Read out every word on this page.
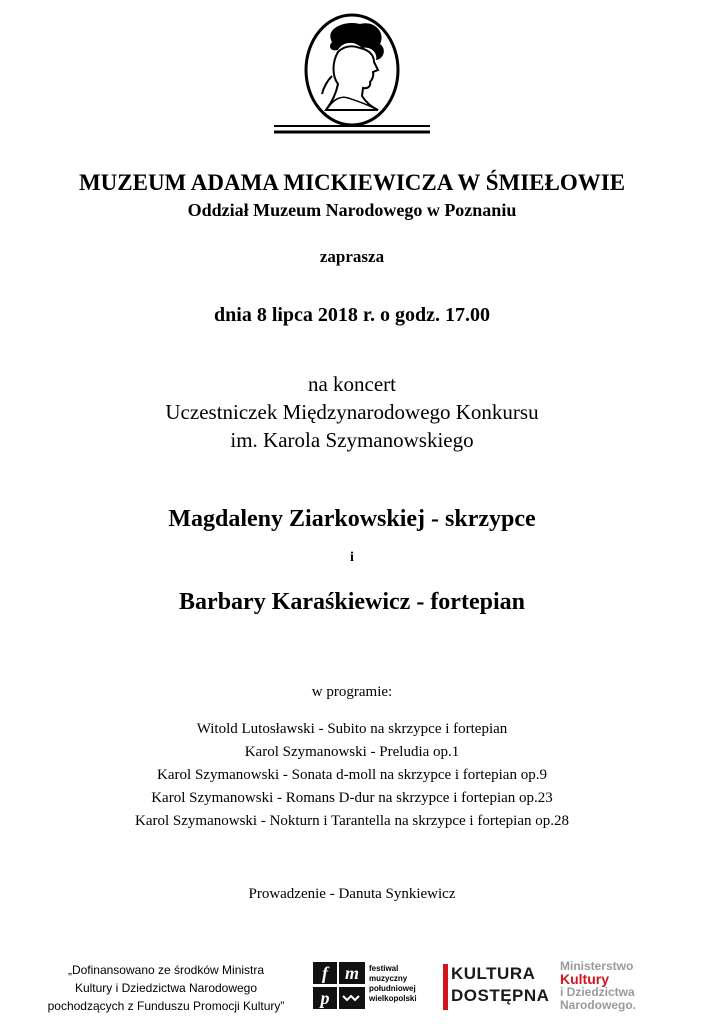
MUZEUM ADAMA MICKIEWICZA W ŚMIEŁOWIE
Oddział Muzeum Narodowego w Poznaniu
zaprasza
dnia 8 lipca 2018 r. o godz. 17.00
na koncert
Uczestniczek Międzynarodowego Konkursu
im. Karola Szymanowskiego
Magdaleny Ziarkowskiej - skrzypce
i
Barbary Karaśkiewicz - fortepian
w programie:
Witold Lutosławski - Subito na skrzypce i fortepian
Karol Szymanowski - Preludia op.1
Karol Szymanowski - Sonata d-moll na skrzypce i fortepian op.9
Karol Szymanowski - Romans D-dur na skrzypce i fortepian op.23
Karol Szymanowski - Nokturn i Tarantella na skrzypce i fortepian op.28
Prowadzenie - Danuta Synkiewicz
„Dofinansowano ze środków Ministra
Kultury i Dziedzictwa Narodowego
pochodzących z Funduszu Promocji Kultury”
f m
p
festiwal
muzyczny
południowej
wielkopolski
KULTURA
DOSTĘPNA
Ministerstwo
Kultury
i Dziedzictwa
Narodowego.
